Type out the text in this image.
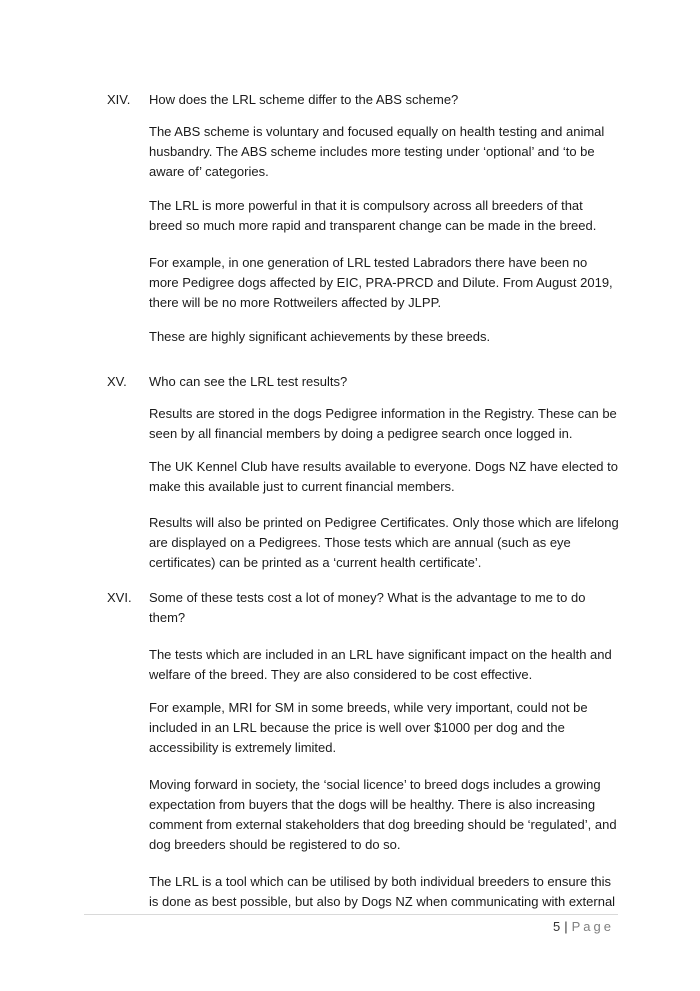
XIV. How does the LRL scheme differ to the ABS scheme?
The ABS scheme is voluntary and focused equally on health testing and animal husbandry. The ABS scheme includes more testing under ‘optional’ and ‘to be aware of’ categories.
The LRL is more powerful in that it is compulsory across all breeders of that breed so much more rapid and transparent change can be made in the breed.
For example, in one generation of LRL tested Labradors there have been no more Pedigree dogs affected by EIC, PRA-PRCD and Dilute. From August 2019, there will be no more Rottweilers affected by JLPP.
These are highly significant achievements by these breeds.
XV. Who can see the LRL test results?
Results are stored in the dogs Pedigree information in the Registry. These can be seen by all financial members by doing a pedigree search once logged in.
The UK Kennel Club have results available to everyone. Dogs NZ have elected to make this available just to current financial members.
Results will also be printed on Pedigree Certificates. Only those which are lifelong are displayed on a Pedigrees. Those tests which are annual (such as eye certificates) can be printed as a ‘current health certificate’.
XVI. Some of these tests cost a lot of money? What is the advantage to me to do them?
The tests which are included in an LRL have significant impact on the health and welfare of the breed. They are also considered to be cost effective.
For example, MRI for SM in some breeds, while very important, could not be included in an LRL because the price is well over $1000 per dog and the accessibility is extremely limited.
Moving forward in society, the ‘social licence’ to breed dogs includes a growing expectation from buyers that the dogs will be healthy. There is also increasing comment from external stakeholders that dog breeding should be ‘regulated’, and dog breeders should be registered to do so.
The LRL is a tool which can be utilised by both individual breeders to ensure this is done as best possible, but also by Dogs NZ when communicating with external
5 | Page
